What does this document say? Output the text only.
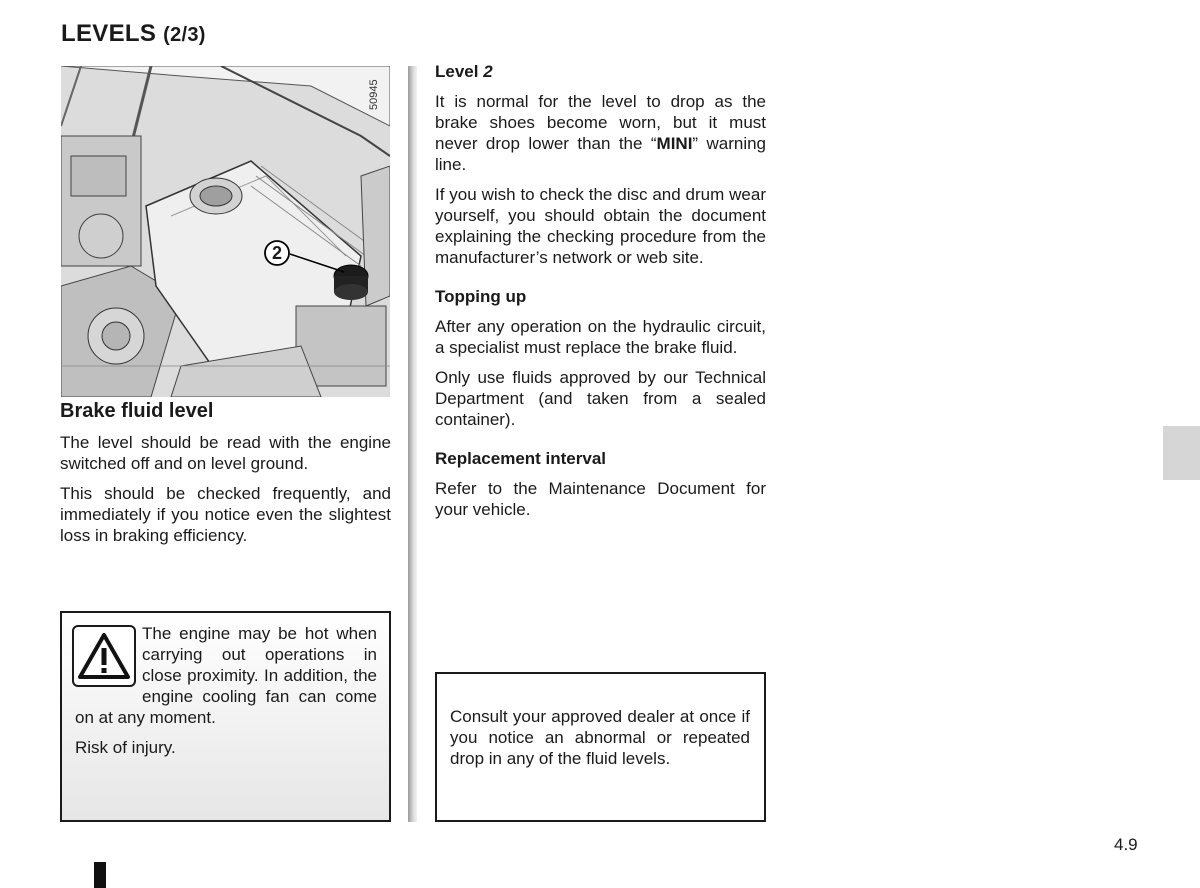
LEVELS (2/3)
2
50945
Brake fluid level

The level should be read with the engine switched off and on level ground.

This should be checked frequently, and immediately if you notice even the slightest loss in braking efficiency.

The engine may be hot when carrying out operations in close proximity. In addition, the engine cooling fan can come on at any moment.

Risk of injury.

Level 2

It is normal for the level to drop as the brake shoes become worn, but it must never drop lower than the “MINI” warning line.

If you wish to check the disc and drum wear yourself, you should obtain the document explaining the checking procedure from the manufacturer’s network or web site.

Topping up

After any operation on the hydraulic circuit, a specialist must replace the brake fluid.

Only use fluids approved by our Technical Department (and taken from a sealed container).

Replacement interval

Refer to the Maintenance Document for your vehicle.

Consult your approved dealer at once if you notice an abnormal or repeated drop in any of the fluid levels.
4.9
